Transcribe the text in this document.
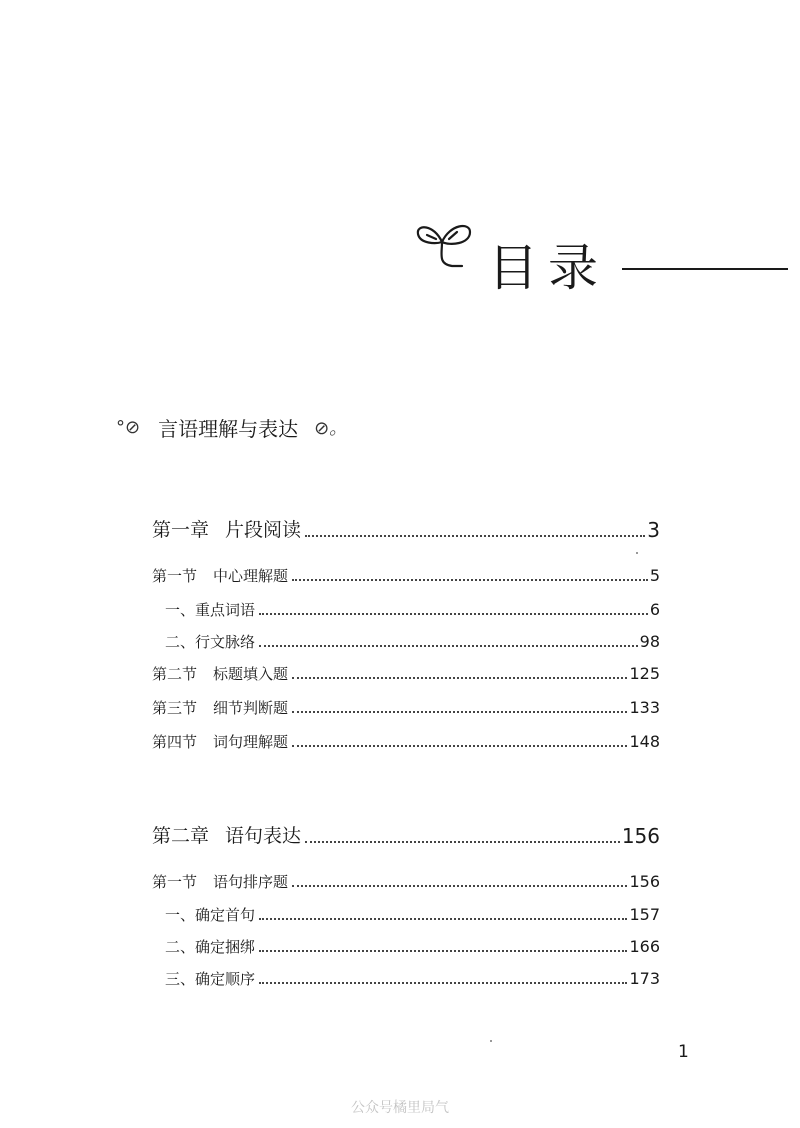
目录
°⊘ 言语理解与表达 ⊘。
第一章 片段阅读	3
第一节 中心理解题	5
一、重点词语	6
二、行文脉络	98
第二节 标题填入题	125
第三节 细节判断题	133
第四节 词句理解题	148
第二章 语句表达	156
第一节 语句排序题	156
一、确定首句	157
二、确定捆绑	166
三、确定顺序	173
1
公众号橘里局气
